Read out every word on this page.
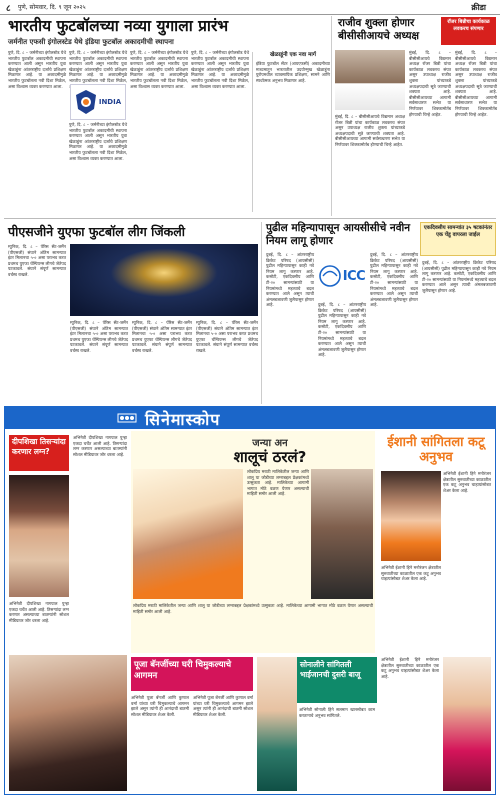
८ पुणे, सोमवार, दि. ९ जून २०२५	क्रीडा
भारतीय फुटबॉलच्या नव्या युगाला प्रारंभ
जर्मनीत एफसी इंगोलस्टेड येथे इंडिया फुटबॉल अकादमीची स्थापना
पुणे, दि. ८ – जर्मनीच्या इंगोलस्टेड येथे भारतीय फुटबॉल अकादमीची स्थापना करण्यात आली असून भारतीय युवा खेळाडूंना आंतरराष्ट्रीय दर्जाचे प्रशिक्षण मिळणार आहे. या अकादमीमुळे भारतीय फुटबॉलला नवी दिशा मिळेल, असा विश्वास व्यक्त करण्यात आला.
पुणे, दि. ८ – जर्मनीच्या इंगोलस्टेड येथे भारतीय फुटबॉल अकादमीची स्थापना करण्यात आली असून भारतीय युवा खेळाडूंना आंतरराष्ट्रीय दर्जाचे प्रशिक्षण मिळणार आहे. या अकादमीमुळे भारतीय फुटबॉलला नवी दिशा मिळेल,
INDIA
पुणे, दि. ८ – जर्मनीच्या इंगोलस्टेड येथे भारतीय फुटबॉल अकादमीची स्थापना करण्यात आली असून भारतीय युवा खेळाडूंना आंतरराष्ट्रीय दर्जाचे प्रशिक्षण मिळणार आहे. या अकादमीमुळे भारतीय फुटबॉलला नवी दिशा मिळेल, असा विश्वास व्यक्त करण्यात आला.
पुणे, दि. ८ – जर्मनीच्या इंगोलस्टेड येथे भारतीय फुटबॉल अकादमीची स्थापना करण्यात आली असून भारतीय युवा खेळाडूंना आंतरराष्ट्रीय दर्जाचे प्रशिक्षण मिळणार आहे. या अकादमीमुळे भारतीय फुटबॉलला नवी दिशा मिळेल, असा विश्वास व्यक्त करण्यात आला.
पुणे, दि. ८ – जर्मनीच्या इंगोलस्टेड येथे भारतीय फुटबॉल अकादमीची स्थापना करण्यात आली असून भारतीय युवा खेळाडूंना आंतरराष्ट्रीय दर्जाचे प्रशिक्षण मिळणार आहे. या अकादमीमुळे भारतीय फुटबॉलला नवी दिशा मिळेल, असा विश्वास व्यक्त करण्यात आला.
खेळाडूंनी एक नवा मार्ग
इंडिया फुटबॉल सेंटर (आयएफसी) अकादमीच्या माध्यमातून भारतातील उदयोन्मुख खेळाडूंना युरोपमधील व्यावसायिक प्रशिक्षण, सामने आणि स्पर्धात्मक अनुभव मिळणार आहे.
राजीव शुक्ला होणार बीसीसीआयचे अध्यक्ष
रॉजर बिन्नीचा कार्यकाळ लवकरच संपणार
मुंबई, दि. ८ – बीसीसीआयचे विद्यमान अध्यक्ष रॉजर बिन्नी यांचा कार्यकाळ लवकरच संपत असून उपाध्यक्ष राजीव शुक्ला यांच्याकडे अध्यक्षपदाची सूत्रे जाण्याची शक्यता आहे. बीसीसीआयच्या आगामी सर्वसाधारण सभेत या निर्णयावर शिक्कामोर्तब होण्याची चिन्हे आहेत.
मुंबई, दि. ८ – बीसीसीआयचे विद्यमान अध्यक्ष रॉजर बिन्नी यांचा कार्यकाळ लवकरच संपत असून उपाध्यक्ष राजीव शुक्ला यांच्याकडे अध्यक्षपदाची सूत्रे जाण्याची शक्यता आहे. बीसीसीआयच्या आगामी सर्वसाधारण सभेत या निर्णयावर शिक्कामोर्तब होण्याची चिन्हे आहेत.
मुंबई, दि. ८ – बीसीसीआयचे विद्यमान अध्यक्ष रॉजर बिन्नी यांचा कार्यकाळ लवकरच संपत असून उपाध्यक्ष राजीव शुक्ला यांच्याकडे अध्यक्षपदाची सूत्रे जाण्याची शक्यता आहे. बीसीसीआयच्या आगामी सर्वसाधारण सभेत या निर्णयावर शिक्कामोर्तब होण्याची चिन्हे आहेत.
पीएसजीने युएफा फुटबॉल लीग जिंकली
म्युनिक, दि. ८ – पॅरिस सेंट-जर्मेन (पीएसजी) संघाने अंतिम सामन्यात इंटर मिलानचा ५-० असा पराभव करत प्रथमच युएफा चॅम्पियन्स लीगचे जेतेपद पटकावले. संघाने संपूर्ण सामन्यात वर्चस्व राखले.
म्युनिक, दि. ८ – पॅरिस सेंट-जर्मेन (पीएसजी) संघाने अंतिम सामन्यात इंटर मिलानचा ५-० असा पराभव करत प्रथमच युएफा चॅम्पियन्स लीगचे जेतेपद पटकावले. संघाने संपूर्ण सामन्यात वर्चस्व राखले.
म्युनिक, दि. ८ – पॅरिस सेंट-जर्मेन (पीएसजी) संघाने अंतिम सामन्यात इंटर मिलानचा ५-० असा पराभव करत प्रथमच युएफा चॅम्पियन्स लीगचे जेतेपद पटकावले. संघाने संपूर्ण सामन्यात वर्चस्व राखले.
म्युनिक, दि. ८ – पॅरिस सेंट-जर्मेन (पीएसजी) संघाने अंतिम सामन्यात इंटर मिलानचा ५-० असा पराभव करत प्रथमच युएफा चॅम्पियन्स लीगचे जेतेपद पटकावले. संघाने संपूर्ण सामन्यात वर्चस्व राखले.
पुढील महिन्यापासून आयसीसीचे नवीन नियम लागू होणार
एकदिवसीय सामन्यांत ३५ षटकांनंतर एक चेंडू वापरला जाईल
दुबई, दि. ८ – आंतरराष्ट्रीय क्रिकेट परिषद (आयसीसी) पुढील महिन्यापासून काही नवे नियम लागू करणार आहे. कसोटी, एकदिवसीय आणि टी-२० सामन्यांसाठी या नियमांमध्ये महत्त्वाचे बदल करण्यात आले असून त्याची अंमलबजावणी जुलैपासून होणार आहे.
ICC
दुबई, दि. ८ – आंतरराष्ट्रीय क्रिकेट परिषद (आयसीसी) पुढील महिन्यापासून काही नवे नियम लागू करणार आहे. कसोटी, एकदिवसीय आणि टी-२० सामन्यांसाठी या नियमांमध्ये महत्त्वाचे बदल करण्यात आले असून त्याची अंमलबजावणी जुलैपासून होणार आहे.
दुबई, दि. ८ – आंतरराष्ट्रीय क्रिकेट परिषद (आयसीसी) पुढील महिन्यापासून काही नवे नियम लागू करणार आहे. कसोटी, एकदिवसीय आणि टी-२० सामन्यांसाठी या नियमांमध्ये महत्त्वाचे बदल करण्यात आले असून त्याची अंमलबजावणी जुलैपासून होणार आहे.
दुबई, दि. ८ – आंतरराष्ट्रीय क्रिकेट परिषद (आयसीसी) पुढील महिन्यापासून काही नवे नियम लागू करणार आहे. कसोटी, एकदिवसीय आणि टी-२० सामन्यांसाठी या नियमांमध्ये महत्त्वाचे बदल करण्यात आले असून त्याची अंमलबजावणी जुलैपासून होणार आहे.
सिनेमास्कोप
दीपशिखा तिसऱ्यांदा करणार लग्न?
अभिनेत्री दीपशिखा नागपाल पुन्हा एकदा चर्चेत आली आहे. तिसऱ्यांदा लग्न करणार असल्याच्या बातम्यांनी सोशल मीडियावर जोर धरला आहे.
अभिनेत्री दीपशिखा नागपाल पुन्हा एकदा चर्चेत आली आहे. तिसऱ्यांदा लग्न करणार असल्याच्या बातम्यांनी सोशल मीडियावर जोर धरला आहे.
पूजा बॅनर्जीच्या घरी चिमुकल्याचे आगमन
अभिनेत्री पूजा बॅनर्जी आणि कुणाल वर्मा यांच्या घरी चिमुकल्याचे आगमन झाले असून त्यांनी ही आनंदाची बातमी सोशल मीडियावर शेअर केली.
अभिनेत्री पूजा बॅनर्जी आणि कुणाल वर्मा यांच्या घरी चिमुकल्याचे आगमन झाले असून त्यांनी ही आनंदाची बातमी सोशल मीडियावर शेअर केली.
जन्या अन
शालूचं ठरलं?
लोकप्रिय मराठी मालिकेतील जन्या आणि शालू या जोडीच्या लग्नाबद्दल प्रेक्षकांमध्ये उत्सुकता आहे. मालिकेच्या आगामी भागात मोठे वळण येणार असल्याची माहिती समोर आली आहे.
लोकप्रिय मराठी मालिकेतील जन्या आणि शालू या जोडीच्या लग्नाबद्दल प्रेक्षकांमध्ये उत्सुकता आहे. मालिकेच्या आगामी भागात मोठे वळण येणार असल्याची माहिती समोर आली आहे.
सोनालीने सांगितली भाईजानची दुसरी बाजू
अभिनेत्री सोनाली हिने सलमान खानसोबत काम करतानाचे अनुभव सांगितले.
ईशानी सांगितला कटू अनुभव
अभिनेत्री ईशानी हिने मनोरंजन क्षेत्रातील सुरुवातीच्या काळातील एक कटू अनुभव चाहत्यांसोबत शेअर केला आहे.
अभिनेत्री ईशानी हिने मनोरंजन क्षेत्रातील सुरुवातीच्या काळातील एक कटू अनुभव चाहत्यांसोबत शेअर केला आहे.
अभिनेत्री ईशानी हिने मनोरंजन क्षेत्रातील सुरुवातीच्या काळातील एक कटू अनुभव चाहत्यांसोबत शेअर केला आहे.
